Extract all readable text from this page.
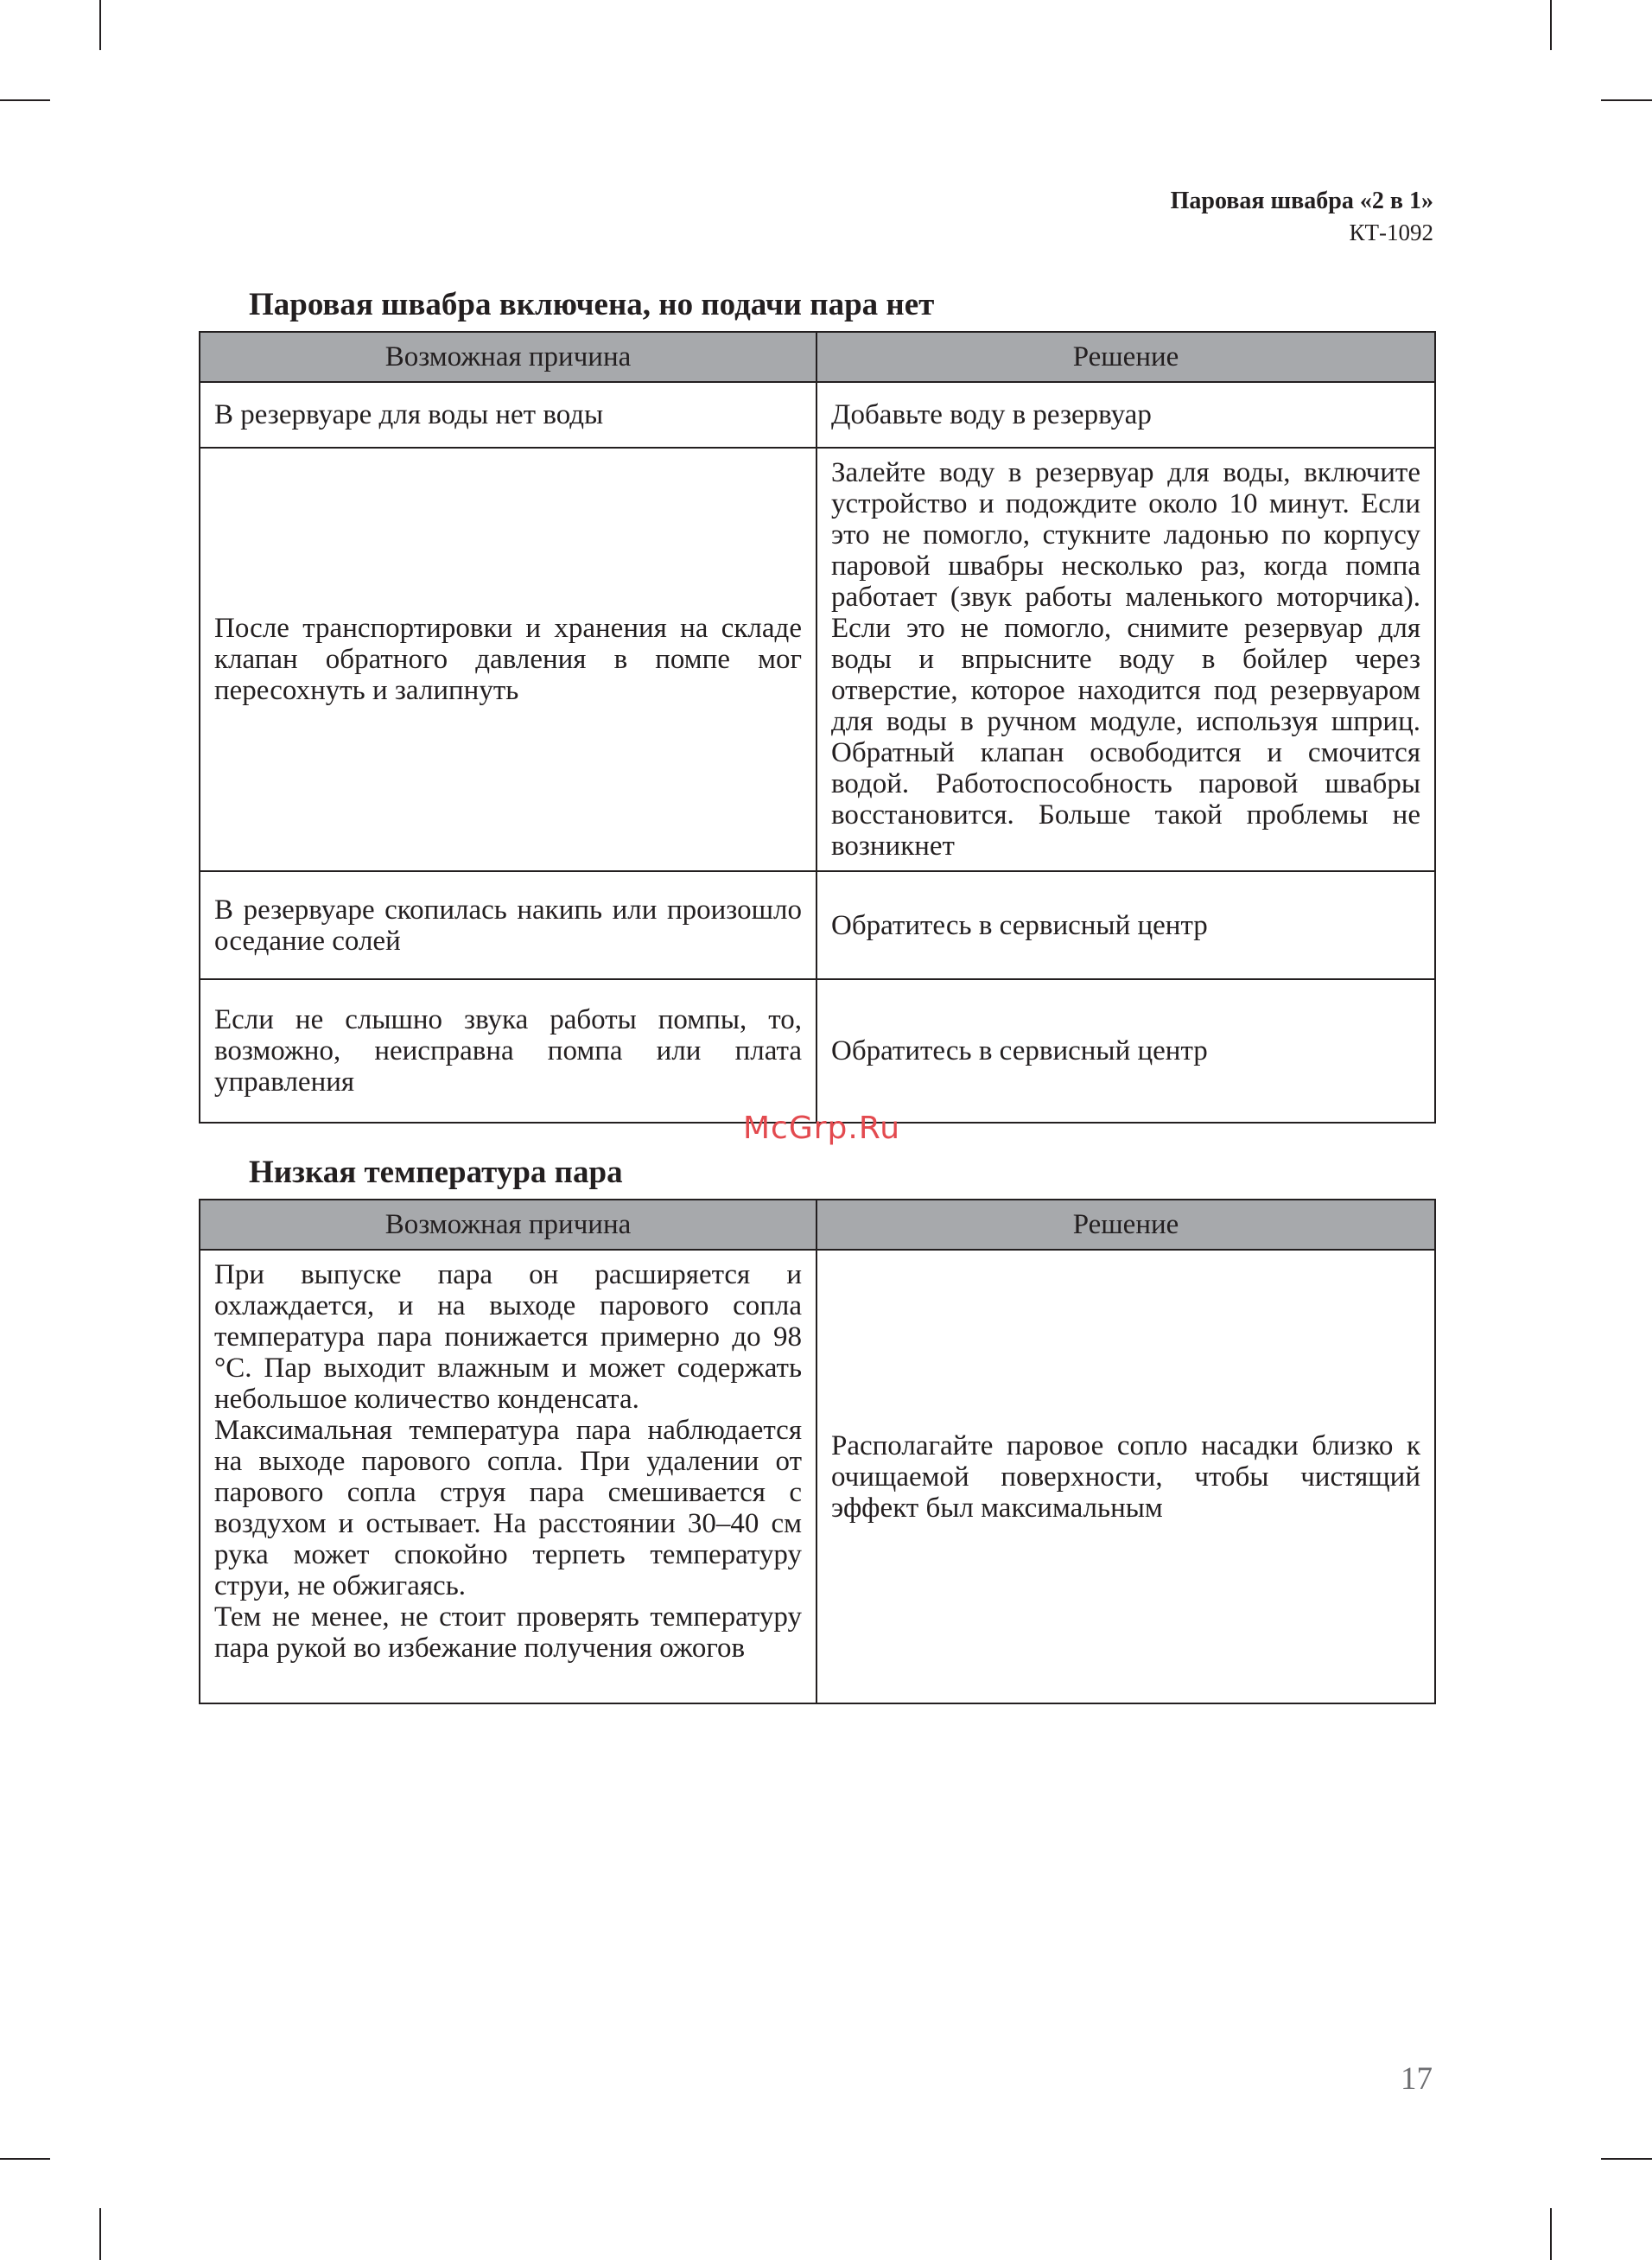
Паровая швабра «2 в 1»
КТ-1092
Паровая швабра включена, но подачи пара нет
Возможная причина	Решение
В резервуаре для воды нет воды	Добавьте воду в резервуар
После транспортировки и хранения на складе клапан обратного давления в помпе мог пересохнуть и залипнуть	Залейте воду в резервуар для воды, включите устройство и подождите около 10 минут. Если это не помогло, стукните ладонью по корпусу паровой швабры несколько раз, когда помпа работает (звук работы маленького моторчика). Если это не помогло, снимите резервуар для воды и впрысните воду в бойлер через отверстие, которое находится под резервуаром для воды в ручном модуле, используя шприц. Обратный клапан освободится и смочится водой. Работоспособность паровой швабры восстановится. Больше такой проблемы не возникнет
В резервуаре скопилась накипь или произошло оседание солей	Обратитесь в сервисный центр
Если не слышно звука работы помпы, то, возможно, неисправна помпа или плата управления	Обратитесь в сервисный центр
McGrp.Ru
Низкая температура пара
Возможная причина	Решение

При выпуске пара он расширяется и охлаждается, и на выходе парового сопла температура пара понижается примерно до 98 °С. Пар выходит влажным и может содержать небольшое количество конденсата.
Максимальная температура пара наблюдается на выходе парового сопла. При удалении от парового сопла струя пара смешивается с воздухом и остывает. На расстоянии 30–40 см рука может спокойно терпеть температуру струи, не обжигаясь.
Тем не менее, не стоит проверять температуру пара рукой во избежание получения ожогов	Располагайте паровое сопло насадки близко к очищаемой поверхности, чтобы чистящий эффект был максимальным
17
